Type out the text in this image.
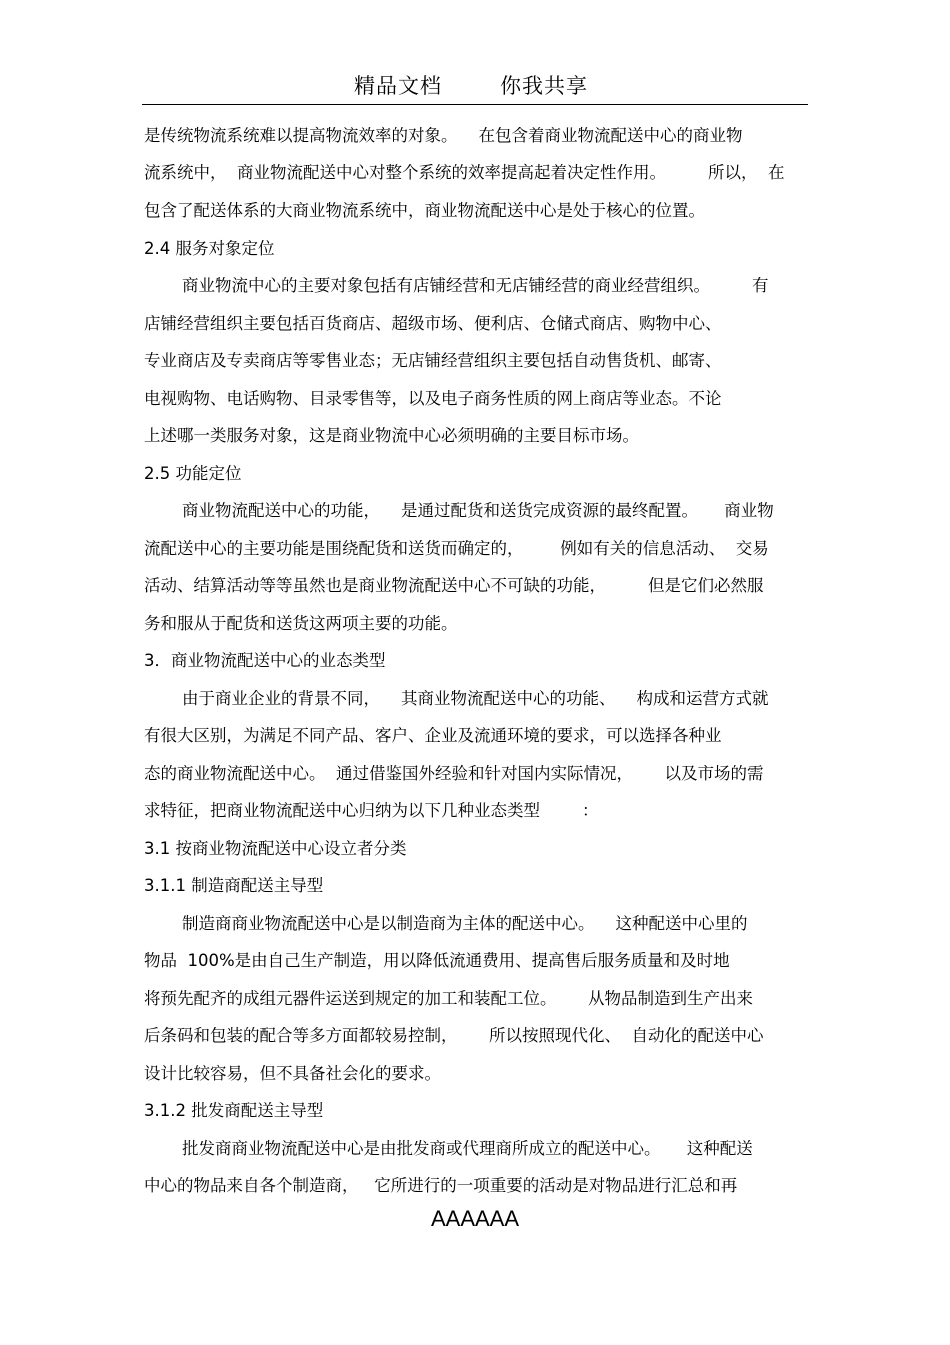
精品文档	你我共享
是传统物流系统难以提高物流效率的对象。    在包含着商业物流配送中心的商业物
流系统中，  商业物流配送中心对整个系统的效率提高起着决定性作用。        所以，  在
包含了配送体系的大商业物流系统中，商业物流配送中心是处于核心的位置。
2.4 服务对象定位
商业物流中心的主要对象包括有店铺经营和无店铺经营的商业经营组织。        有
店铺经营组织主要包括百货商店、超级市场、便利店、仓储式商店、购物中心、
专业商店及专卖商店等零售业态；无店铺经营组织主要包括自动售货机、邮寄、
电视购物、电话购物、目录零售等，以及电子商务性质的网上商店等业态。不论
上述哪一类服务对象，这是商业物流中心必须明确的主要目标市场。
2.5 功能定位
商业物流配送中心的功能，    是通过配货和送货完成资源的最终配置。     商业物
流配送中心的主要功能是围绕配货和送货而确定的，       例如有关的信息活动、  交易
活动、结算活动等等虽然也是商业物流配送中心不可缺的功能，        但是它们必然服
务和服从于配货和送货这两项主要的功能。
3．商业物流配送中心的业态类型
由于商业企业的背景不同，    其商业物流配送中心的功能、    构成和运营方式就
有很大区别，为满足不同产品、客户、企业及流通环境的要求，可以选择各种业
态的商业物流配送中心。  通过借鉴国外经验和针对国内实际情况，      以及市场的需
求特征，把商业物流配送中心归纳为以下几种业态类型        ：
3.1 按商业物流配送中心设立者分类
3.1.1 制造商配送主导型
制造商商业物流配送中心是以制造商为主体的配送中心。    这种配送中心里的
物品  100%是由自己生产制造，用以降低流通费用、提高售后服务质量和及时地
将预先配齐的成组元器件运送到规定的加工和装配工位。      从物品制造到生产出来
后条码和包装的配合等多方面都较易控制，      所以按照现代化、  自动化的配送中心
设计比较容易，但不具备社会化的要求。
3.1.2 批发商配送主导型
批发商商业物流配送中心是由批发商或代理商所成立的配送中心。     这种配送
中心的物品来自各个制造商，   它所进行的一项重要的活动是对物品进行汇总和再
AAAAAA
